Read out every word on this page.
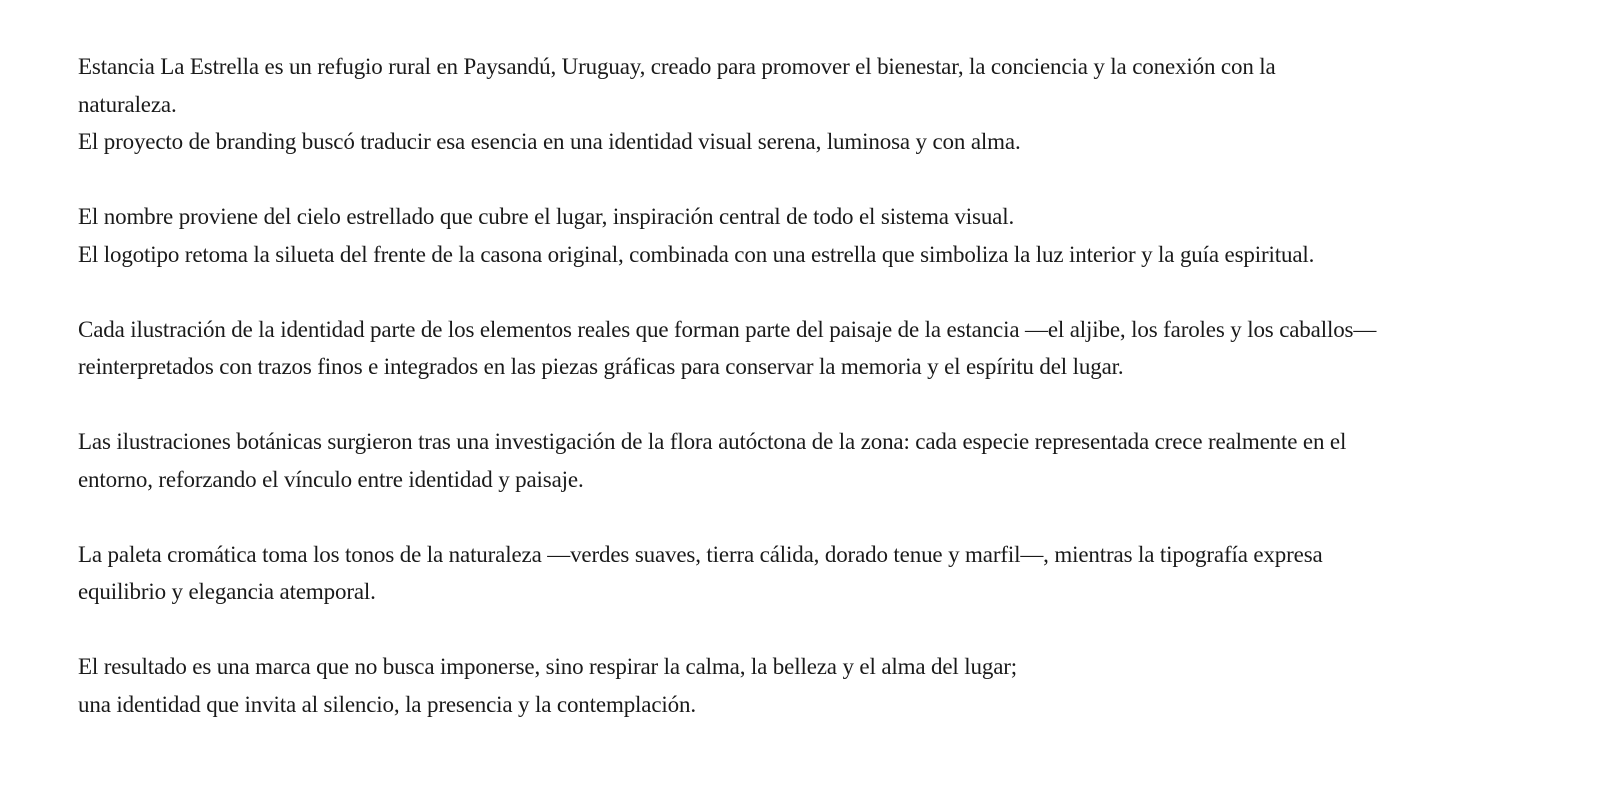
Estancia La Estrella es un refugio rural en Paysandú, Uruguay, creado para promover el bienestar, la conciencia y la conexión con la
naturaleza.
El proyecto de branding buscó traducir esa esencia en una identidad visual serena, luminosa y con alma.

El nombre proviene del cielo estrellado que cubre el lugar, inspiración central de todo el sistema visual.
El logotipo retoma la silueta del frente de la casona original, combinada con una estrella que simboliza la luz interior y la guía espiritual.

Cada ilustración de la identidad parte de los elementos reales que forman parte del paisaje de la estancia —el aljibe, los faroles y los caballos—
reinterpretados con trazos finos e integrados en las piezas gráficas para conservar la memoria y el espíritu del lugar.

Las ilustraciones botánicas surgieron tras una investigación de la flora autóctona de la zona: cada especie representada crece realmente en el
entorno, reforzando el vínculo entre identidad y paisaje.

La paleta cromática toma los tonos de la naturaleza —verdes suaves, tierra cálida, dorado tenue y marfil—, mientras la tipografía expresa
equilibrio y elegancia atemporal.

El resultado es una marca que no busca imponerse, sino respirar la calma, la belleza y el alma del lugar;
una identidad que invita al silencio, la presencia y la contemplación.
